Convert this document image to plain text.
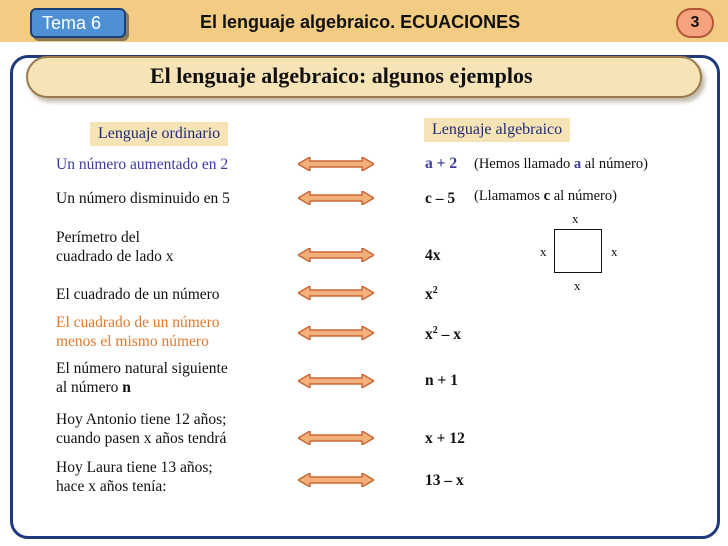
Tema 6	El lenguaje algebraico. ECUACIONES	3
El lenguaje algebraico: algunos ejemplos
Lenguaje ordinario	Lenguaje algebraico
Un número aumentado en 2	a + 2 (Hemos llamado a al número)
Un número disminuido en 5	c – 5 (Llamamos c al número)
Perímetro del
cuadrado de lado x	4x
x
x	x
x
El cuadrado de un número	$x^2$
El cuadrado de un número
menos el mismo número	$x^2$ – x
El número natural siguiente
al número n	n + 1
Hoy Antonio tiene 12 años;
cuando pasen x años tendrá	x + 12
Hoy Laura tiene 13 años;
hace x años tenía:	13 – x
